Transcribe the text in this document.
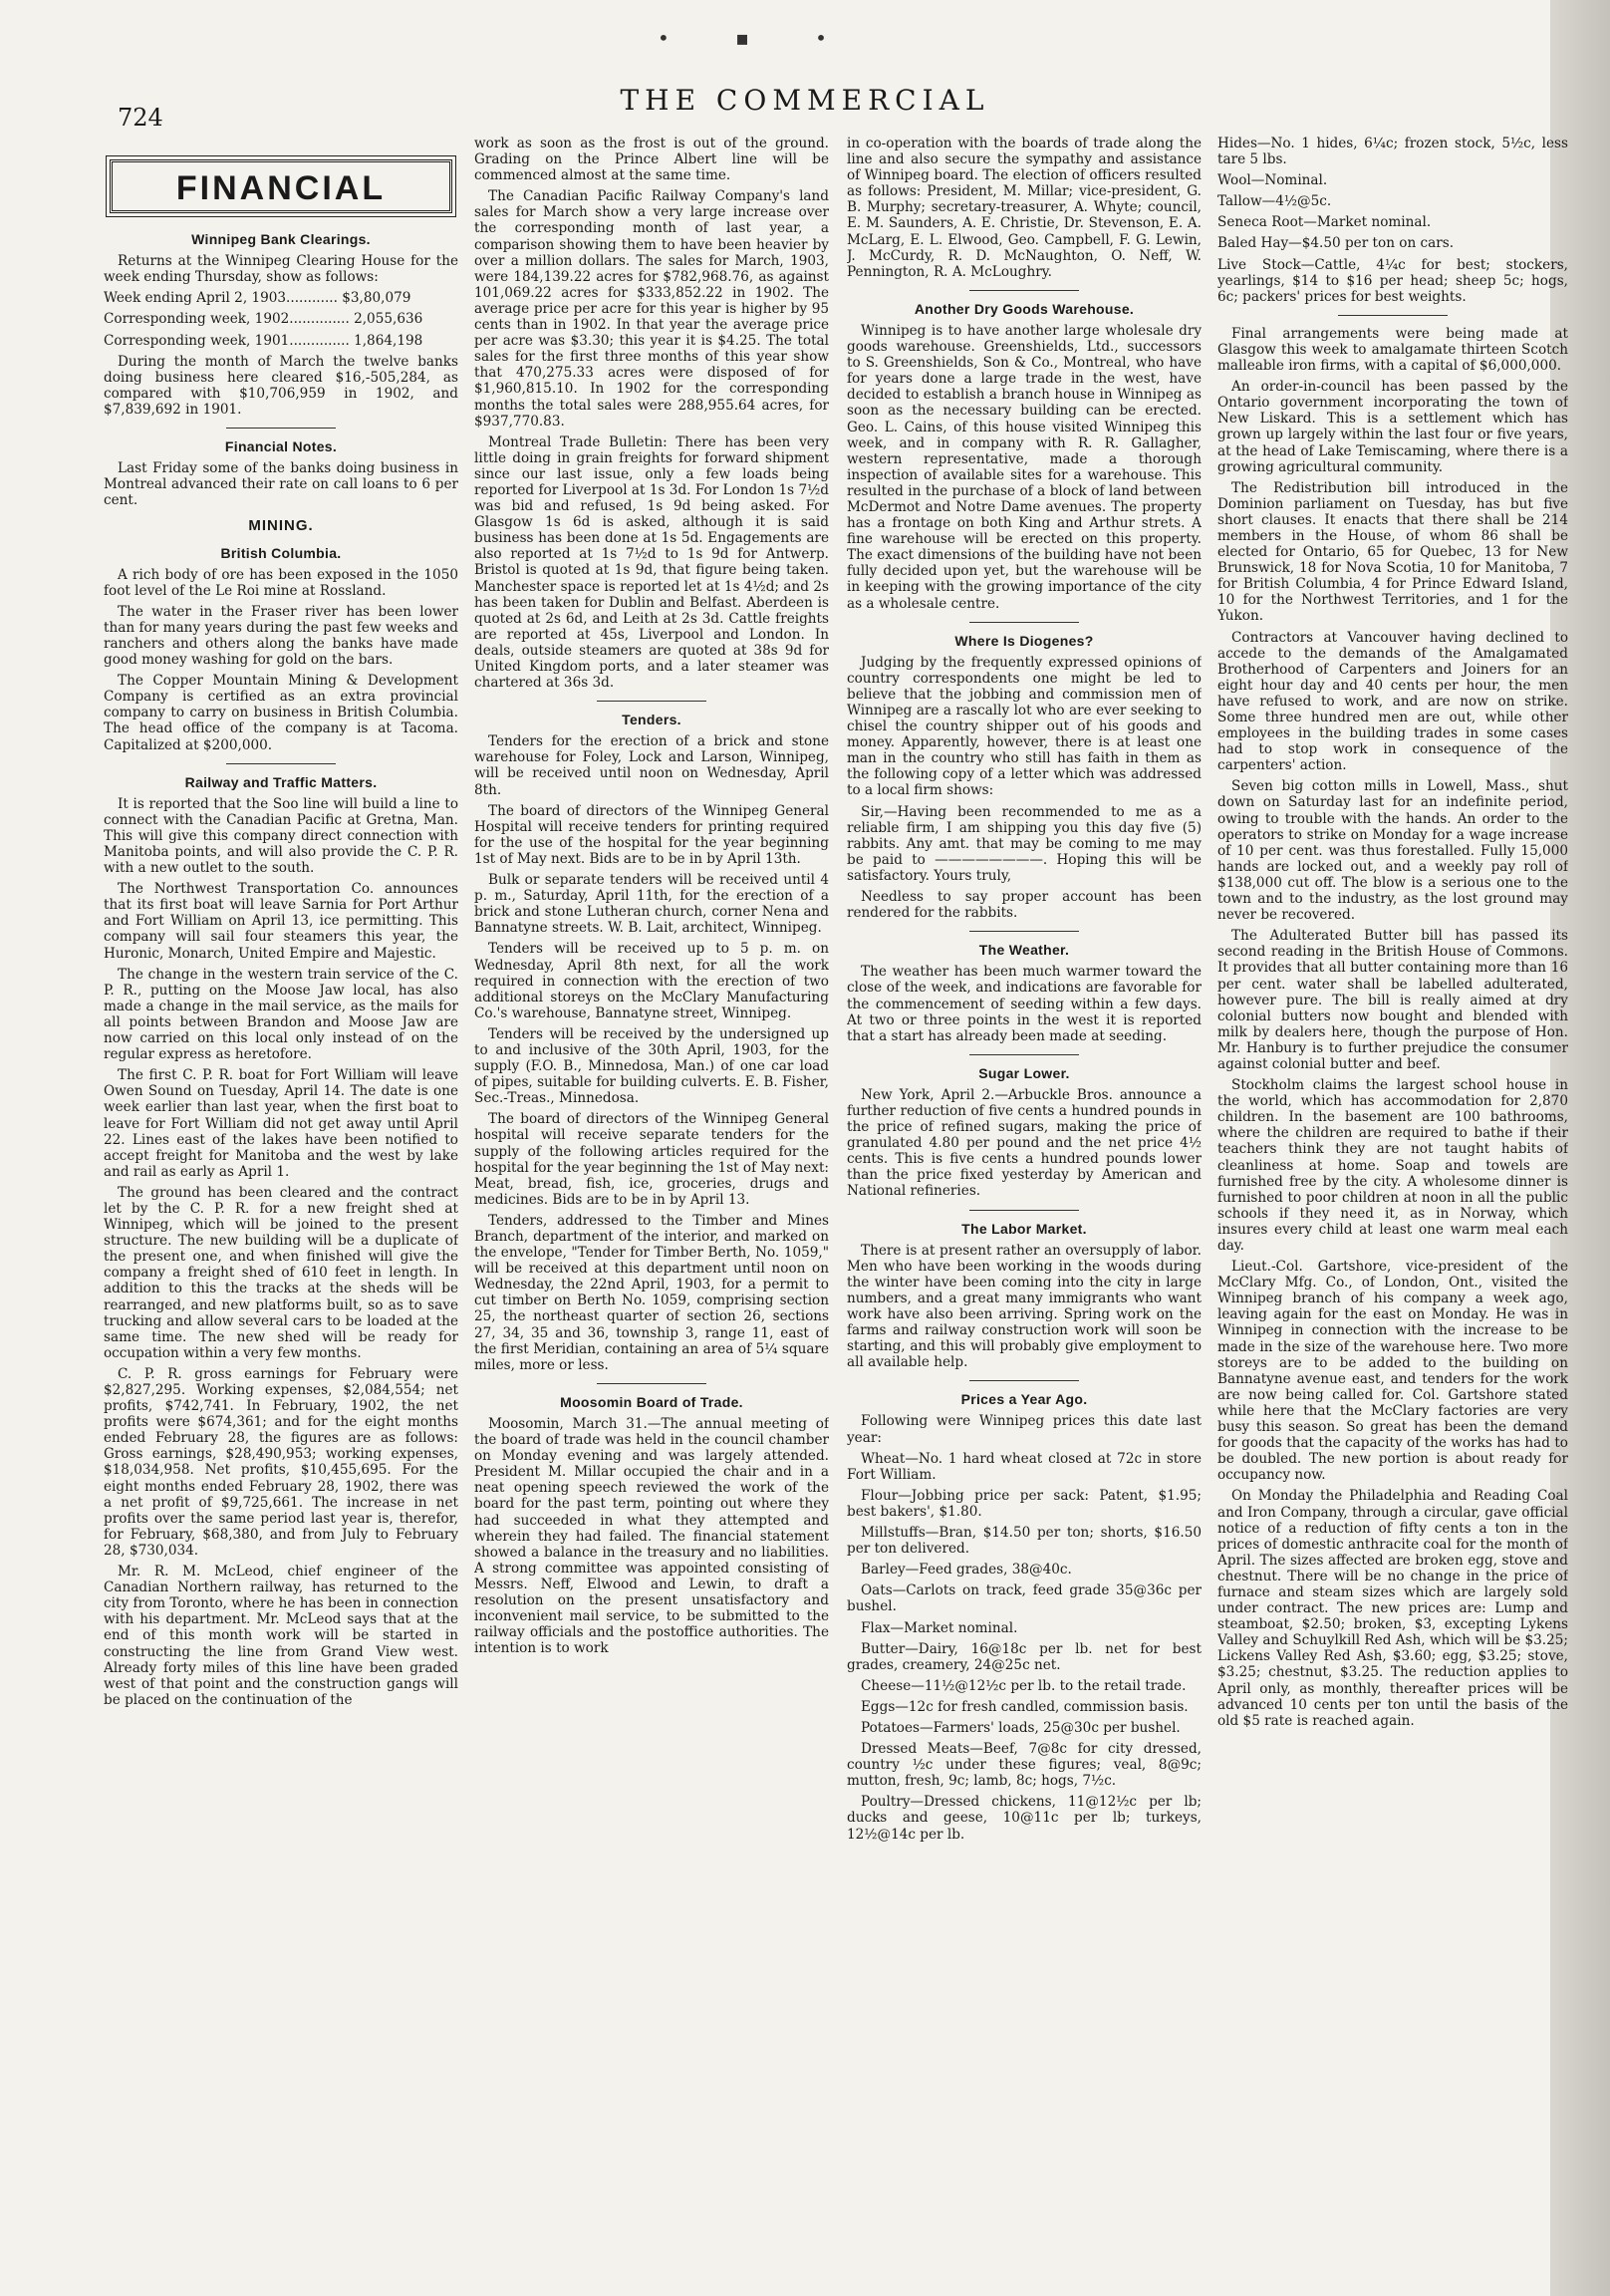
• ▪ •
724
THE COMMERCIAL
FINANCIAL
Winnipeg Bank Clearings.

Returns at the Winnipeg Clearing House for the week ending Thursday, show as follows:

Week ending April 2, 1903............ $3,80,079

Corresponding week, 1902.............. 2,055,636

Corresponding week, 1901.............. 1,864,198

During the month of March the twelve banks doing business here cleared $16,-505,284, as compared with $10,706,959 in 1902, and $7,839,692 in 1901.

Financial Notes.

Last Friday some of the banks doing business in Montreal advanced their rate on call loans to 6 per cent.

MINING.
British Columbia.

A rich body of ore has been exposed in the 1050 foot level of the Le Roi mine at Rossland.

The water in the Fraser river has been lower than for many years during the past few weeks and ranchers and others along the banks have made good money washing for gold on the bars.

The Copper Mountain Mining & Development Company is certified as an extra provincial company to carry on business in British Columbia. The head office of the company is at Tacoma. Capitalized at $200,000.

Railway and Traffic Matters.

It is reported that the Soo line will build a line to connect with the Canadian Pacific at Gretna, Man. This will give this company direct connection with Manitoba points, and will also provide the C. P. R. with a new outlet to the south.

The Northwest Transportation Co. announces that its first boat will leave Sarnia for Port Arthur and Fort William on April 13, ice permitting. This company will sail four steamers this year, the Huronic, Monarch, United Empire and Majestic.

The change in the western train service of the C. P. R., putting on the Moose Jaw local, has also made a change in the mail service, as the mails for all points between Brandon and Moose Jaw are now carried on this local only instead of on the regular express as heretofore.

The first C. P. R. boat for Fort William will leave Owen Sound on Tuesday, April 14. The date is one week earlier than last year, when the first boat to leave for Fort William did not get away until April 22. Lines east of the lakes have been notified to accept freight for Manitoba and the west by lake and rail as early as April 1.

The ground has been cleared and the contract let by the C. P. R. for a new freight shed at Winnipeg, which will be joined to the present structure. The new building will be a duplicate of the present one, and when finished will give the company a freight shed of 610 feet in length. In addition to this the tracks at the sheds will be rearranged, and new platforms built, so as to save trucking and allow several cars to be loaded at the same time. The new shed will be ready for occupation within a very few months.

C. P. R. gross earnings for February were $2,827,295. Working expenses, $2,084,554; net profits, $742,741. In February, 1902, the net profits were $674,361; and for the eight months ended February 28, the figures are as follows: Gross earnings, $28,490,953; working expenses, $18,034,958. Net profits, $10,455,695. For the eight months ended February 28, 1902, there was a net profit of $9,725,661. The increase in net profits over the same period last year is, therefor, for February, $68,380, and from July to February 28, $730,034.

Mr. R. M. McLeod, chief engineer of the Canadian Northern railway, has returned to the city from Toronto, where he has been in connection with his department. Mr. McLeod says that at the end of this month work will be started in constructing the line from Grand View west. Already forty miles of this line have been graded west of that point and the construction gangs will be placed on the continuation of the

work as soon as the frost is out of the ground. Grading on the Prince Albert line will be commenced almost at the same time.

The Canadian Pacific Railway Company's land sales for March show a very large increase over the corresponding month of last year, a comparison showing them to have been heavier by over a million dollars. The sales for March, 1903, were 184,139.22 acres for $782,968.76, as against 101,069.22 acres for $333,852.22 in 1902. The average price per acre for this year is higher by 95 cents than in 1902. In that year the average price per acre was $3.30; this year it is $4.25. The total sales for the first three months of this year show that 470,275.33 acres were disposed of for $1,960,815.10. In 1902 for the corresponding months the total sales were 288,955.64 acres, for $937,770.83.

Montreal Trade Bulletin: There has been very little doing in grain freights for forward shipment since our last issue, only a few loads being reported for Liverpool at 1s 3d. For London 1s 7½d was bid and refused, 1s 9d being asked. For Glasgow 1s 6d is asked, although it is said business has been done at 1s 5d. Engagements are also reported at 1s 7½d to 1s 9d for Antwerp. Bristol is quoted at 1s 9d, that figure being taken. Manchester space is reported let at 1s 4½d; and 2s has been taken for Dublin and Belfast. Aberdeen is quoted at 2s 6d, and Leith at 2s 3d. Cattle freights are reported at 45s, Liverpool and London. In deals, outside steamers are quoted at 38s 9d for United Kingdom ports, and a later steamer was chartered at 36s 3d.

Tenders.

Tenders for the erection of a brick and stone warehouse for Foley, Lock and Larson, Winnipeg, will be received until noon on Wednesday, April 8th.

The board of directors of the Winnipeg General Hospital will receive tenders for printing required for the use of the hospital for the year beginning 1st of May next. Bids are to be in by April 13th.

Bulk or separate tenders will be received until 4 p. m., Saturday, April 11th, for the erection of a brick and stone Lutheran church, corner Nena and Bannatyne streets. W. B. Lait, architect, Winnipeg.

Tenders will be received up to 5 p. m. on Wednesday, April 8th next, for all the work required in connection with the erection of two additional storeys on the McClary Manufacturing Co.'s warehouse, Bannatyne street, Winnipeg.

Tenders will be received by the undersigned up to and inclusive of the 30th April, 1903, for the supply (F.O. B., Minnedosa, Man.) of one car load of pipes, suitable for building culverts. E. B. Fisher, Sec.-Treas., Minnedosa.

The board of directors of the Winnipeg General hospital will receive separate tenders for the supply of the following articles required for the hospital for the year beginning the 1st of May next: Meat, bread, fish, ice, groceries, drugs and medicines. Bids are to be in by April 13.

Tenders, addressed to the Timber and Mines Branch, department of the interior, and marked on the envelope, "Tender for Timber Berth, No. 1059," will be received at this department until noon on Wednesday, the 22nd April, 1903, for a permit to cut timber on Berth No. 1059, comprising section 25, the northeast quarter of section 26, sections 27, 34, 35 and 36, township 3, range 11, east of the first Meridian, containing an area of 5¼ square miles, more or less.

Moosomin Board of Trade.

Moosomin, March 31.—The annual meeting of the board of trade was held in the council chamber on Monday evening and was largely attended. President M. Millar occupied the chair and in a neat opening speech reviewed the work of the board for the past term, pointing out where they had succeeded in what they attempted and wherein they had failed. The financial statement showed a balance in the treasury and no liabilities. A strong committee was appointed consisting of Messrs. Neff, Elwood and Lewin, to draft a resolution on the present unsatisfactory and inconvenient mail service, to be submitted to the railway officials and the postoffice authorities. The intention is to work

in co-operation with the boards of trade along the line and also secure the sympathy and assistance of Winnipeg board. The election of officers resulted as follows: President, M. Millar; vice-president, G. B. Murphy; secretary-treasurer, A. Whyte; council, E. M. Saunders, A. E. Christie, Dr. Stevenson, E. A. McLarg, E. L. Elwood, Geo. Campbell, F. G. Lewin, J. McCurdy, R. D. McNaughton, O. Neff, W. Pennington, R. A. McLoughry.

Another Dry Goods Warehouse.

Winnipeg is to have another large wholesale dry goods warehouse. Greenshields, Ltd., successors to S. Greenshields, Son & Co., Montreal, who have for years done a large trade in the west, have decided to establish a branch house in Winnipeg as soon as the necessary building can be erected. Geo. L. Cains, of this house visited Winnipeg this week, and in company with R. R. Gallagher, western representative, made a thorough inspection of available sites for a warehouse. This resulted in the purchase of a block of land between McDermot and Notre Dame avenues. The property has a frontage on both King and Arthur strets. A fine warehouse will be erected on this property. The exact dimensions of the building have not been fully decided upon yet, but the warehouse will be in keeping with the growing importance of the city as a wholesale centre.

Where Is Diogenes?

Judging by the frequently expressed opinions of country correspondents one might be led to believe that the jobbing and commission men of Winnipeg are a rascally lot who are ever seeking to chisel the country shipper out of his goods and money. Apparently, however, there is at least one man in the country who still has faith in them as the following copy of a letter which was addressed to a local firm shows:

Sir,—Having been recommended to me as a reliable firm, I am shipping you this day five (5) rabbits. Any amt. that may be coming to me may be paid to ————————. Hoping this will be satisfactory. Yours truly,

Needless to say proper account has been rendered for the rabbits.

The Weather.

The weather has been much warmer toward the close of the week, and indications are favorable for the commencement of seeding within a few days. At two or three points in the west it is reported that a start has already been made at seeding.

Sugar Lower.

New York, April 2.—Arbuckle Bros. announce a further reduction of five cents a hundred pounds in the price of refined sugars, making the price of granulated 4.80 per pound and the net price 4½ cents. This is five cents a hundred pounds lower than the price fixed yesterday by American and National refineries.

The Labor Market.

There is at present rather an oversupply of labor. Men who have been working in the woods during the winter have been coming into the city in large numbers, and a great many immigrants who want work have also been arriving. Spring work on the farms and railway construction work will soon be starting, and this will probably give employment to all available help.

Prices a Year Ago.

Following were Winnipeg prices this date last year:

Wheat—No. 1 hard wheat closed at 72c in store Fort William.

Flour—Jobbing price per sack: Patent, $1.95; best bakers', $1.80.

Millstuffs—Bran, $14.50 per ton; shorts, $16.50 per ton delivered.

Barley—Feed grades, 38@40c.

Oats—Carlots on track, feed grade 35@36c per bushel.

Flax—Market nominal.

Butter—Dairy, 16@18c per lb. net for best grades, creamery, 24@25c net.

Cheese—11½@12½c per lb. to the retail trade.

Eggs—12c for fresh candled, commission basis.

Potatoes—Farmers' loads, 25@30c per bushel.

Dressed Meats—Beef, 7@8c for city dressed, country ½c under these figures; veal, 8@9c; mutton, fresh, 9c; lamb, 8c; hogs, 7½c.

Poultry—Dressed chickens, 11@12½c per lb; ducks and geese, 10@11c per lb; turkeys, 12½@14c per lb.

Hides—No. 1 hides, 6¼c; frozen stock, 5½c, less tare 5 lbs.

Wool—Nominal.

Tallow—4½@5c.

Seneca Root—Market nominal.

Baled Hay—$4.50 per ton on cars.

Live Stock—Cattle, 4¼c for best; stockers, yearlings, $14 to $16 per head; sheep 5c; hogs, 6c; packers' prices for best weights.

Final arrangements were being made at Glasgow this week to amalgamate thirteen Scotch malleable iron firms, with a capital of $6,000,000.

An order-in-council has been passed by the Ontario government incorporating the town of New Liskard. This is a settlement which has grown up largely within the last four or five years, at the head of Lake Temiscaming, where there is a growing agricultural community.

The Redistribution bill introduced in the Dominion parliament on Tuesday, has but five short clauses. It enacts that there shall be 214 members in the House, of whom 86 shall be elected for Ontario, 65 for Quebec, 13 for New Brunswick, 18 for Nova Scotia, 10 for Manitoba, 7 for British Columbia, 4 for Prince Edward Island, 10 for the Northwest Territories, and 1 for the Yukon.

Contractors at Vancouver having declined to accede to the demands of the Amalgamated Brotherhood of Carpenters and Joiners for an eight hour day and 40 cents per hour, the men have refused to work, and are now on strike. Some three hundred men are out, while other employees in the building trades in some cases had to stop work in consequence of the carpenters' action.

Seven big cotton mills in Lowell, Mass., shut down on Saturday last for an indefinite period, owing to trouble with the hands. An order to the operators to strike on Monday for a wage increase of 10 per cent. was thus forestalled. Fully 15,000 hands are locked out, and a weekly pay roll of $138,000 cut off. The blow is a serious one to the town and to the industry, as the lost ground may never be recovered.

The Adulterated Butter bill has passed its second reading in the British House of Commons. It provides that all butter containing more than 16 per cent. water shall be labelled adulterated, however pure. The bill is really aimed at dry colonial butters now bought and blended with milk by dealers here, though the purpose of Hon. Mr. Hanbury is to further prejudice the consumer against colonial butter and beef.

Stockholm claims the largest school house in the world, which has accommodation for 2,870 children. In the basement are 100 bathrooms, where the children are required to bathe if their teachers think they are not taught habits of cleanliness at home. Soap and towels are furnished free by the city. A wholesome dinner is furnished to poor children at noon in all the public schools if they need it, as in Norway, which insures every child at least one warm meal each day.

Lieut.-Col. Gartshore, vice-president of the McClary Mfg. Co., of London, Ont., visited the Winnipeg branch of his company a week ago, leaving again for the east on Monday. He was in Winnipeg in connection with the increase to be made in the size of the warehouse here. Two more storeys are to be added to the building on Bannatyne avenue east, and tenders for the work are now being called for. Col. Gartshore stated while here that the McClary factories are very busy this season. So great has been the demand for goods that the capacity of the works has had to be doubled. The new portion is about ready for occupancy now.

On Monday the Philadelphia and Reading Coal and Iron Company, through a circular, gave official notice of a reduction of fifty cents a ton in the prices of domestic anthracite coal for the month of April. The sizes affected are broken egg, stove and chestnut. There will be no change in the price of furnace and steam sizes which are largely sold under contract. The new prices are: Lump and steamboat, $2.50; broken, $3, excepting Lykens Valley and Schuylkill Red Ash, which will be $3.25; Lickens Valley Red Ash, $3.60; egg, $3.25; stove, $3.25; chestnut, $3.25. The reduction applies to April only, as monthly, thereafter prices will be advanced 10 cents per ton until the basis of the old $5 rate is reached again.
